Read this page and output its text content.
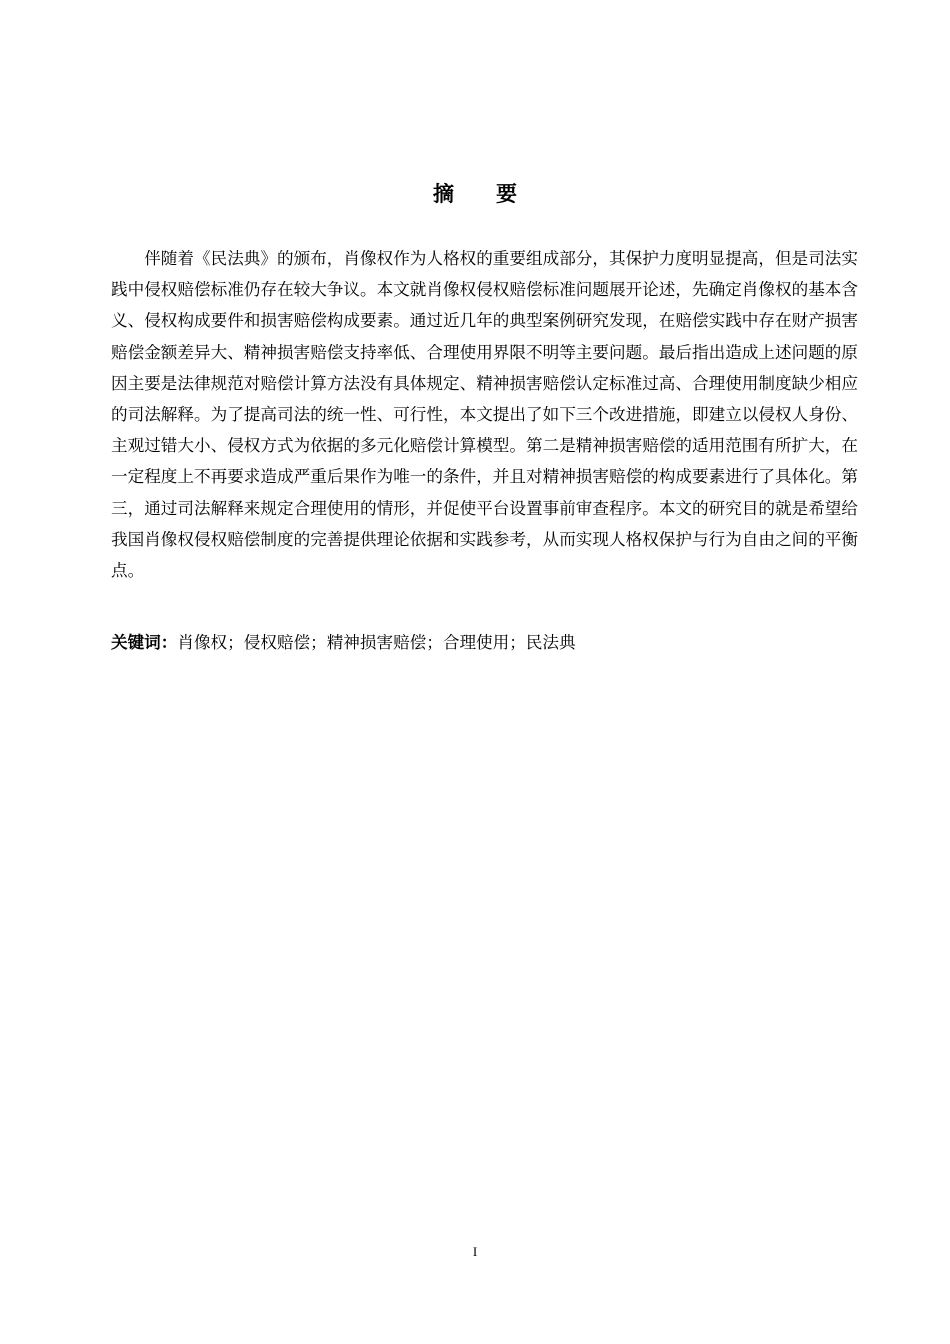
摘 要

伴随着《民法典》的颁布，肖像权作为人格权的重要组成部分，其保护力度明显提高，但是司法实践中侵权赔偿标准仍存在较大争议。本文就肖像权侵权赔偿标准问题展开论述，先确定肖像权的基本含义、侵权构成要件和损害赔偿构成要素。通过近几年的典型案例研究发现，在赔偿实践中存在财产损害赔偿金额差异大、精神损害赔偿支持率低、合理使用界限不明等主要问题。最后指出造成上述问题的原因主要是法律规范对赔偿计算方法没有具体规定、精神损害赔偿认定标准过高、合理使用制度缺少相应的司法解释。为了提高司法的统一性、可行性，本文提出了如下三个改进措施，即建立以侵权人身份、主观过错大小、侵权方式为依据的多元化赔偿计算模型。第二是精神损害赔偿的适用范围有所扩大，在一定程度上不再要求造成严重后果作为唯一的条件，并且对精神损害赔偿的构成要素进行了具体化。第三，通过司法解释来规定合理使用的情形，并促使平台设置事前审查程序。本文的研究目的就是希望给我国肖像权侵权赔偿制度的完善提供理论依据和实践参考，从而实现人格权保护与行为自由之间的平衡点。

关键词：肖像权；侵权赔偿；精神损害赔偿；合理使用；民法典

I
